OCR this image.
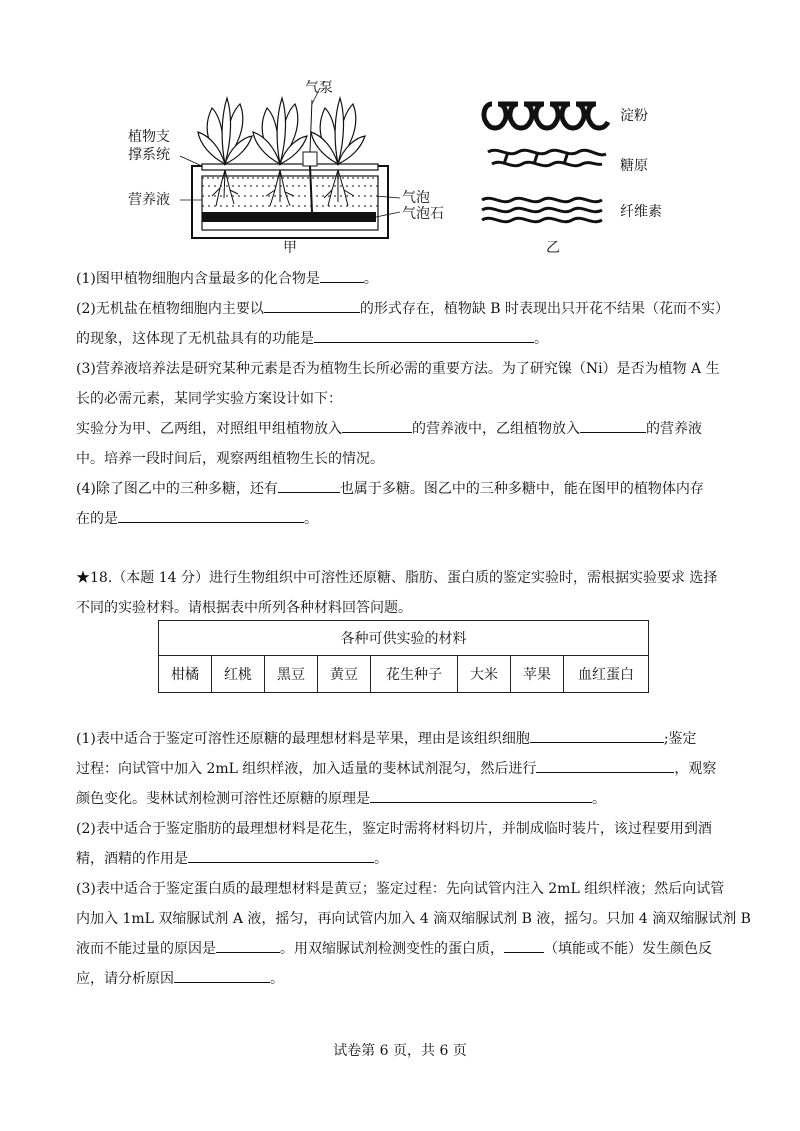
植物支
撑系统
气泵
营养液	气泡
气泡石
甲
淀粉
糖原
纤维素
乙

(1)图甲植物细胞内含量最多的化合物是	。

(2)无机盐在植物细胞内主要以	的形式存在，植物缺 B 时表现出只开花不结果（花而不实）

的现象，这体现了无机盐具有的功能是	。

(3)营养液培养法是研究某种元素是否为植物生长所必需的重要方法。为了研究镍（Ni）是否为植物 A 生

长的必需元素，某同学实验方案设计如下：

实验分为甲、乙两组，对照组甲组植物放入	的营养液中，乙组植物放入	的营养液

中。培养一段时间后，观察两组植物生长的情况。

(4)除了图乙中的三种多糖，还有	也属于多糖。图乙中的三种多糖中，能在图甲的植物体内存

在的是	。

★18.（本题 14 分）进行生物组织中可溶性还原糖、脂肪、蛋白质的鉴定实验时，需根据实验要求 选择

不同的实验材料。请根据表中所列各种材料回答问题。

各种可供实验的材料
柑橘	红桃	黑豆	黄豆	花生种子	大米	苹果	血红蛋白

(1)表中适合于鉴定可溶性还原糖的最理想材料是苹果，理由是该组织细胞	;鉴定

过程：向试管中加入 2mL 组织样液，加入适量的斐林试剂混匀，然后进行	，观察

颜色变化。斐林试剂检测可溶性还原糖的原理是	。

(2)表中适合于鉴定脂肪的最理想材料是花生，鉴定时需将材料切片，并制成临时装片，该过程要用到酒

精，酒精的作用是	。

(3)表中适合于鉴定蛋白质的最理想材料是黄豆；鉴定过程：先向试管内注入 2mL 组织样液；然后向试管

内加入 1mL 双缩脲试剂 A 液，摇匀，再向试管内加入 4 滴双缩脲试剂 B 液，摇匀。只加 4 滴双缩脲试剂 B

液而不能过量的原因是	。用双缩脲试剂检测变性的蛋白质，	（填能或不能）发生颜色反

应，请分析原因	。

试卷第 6 页，共 6 页
